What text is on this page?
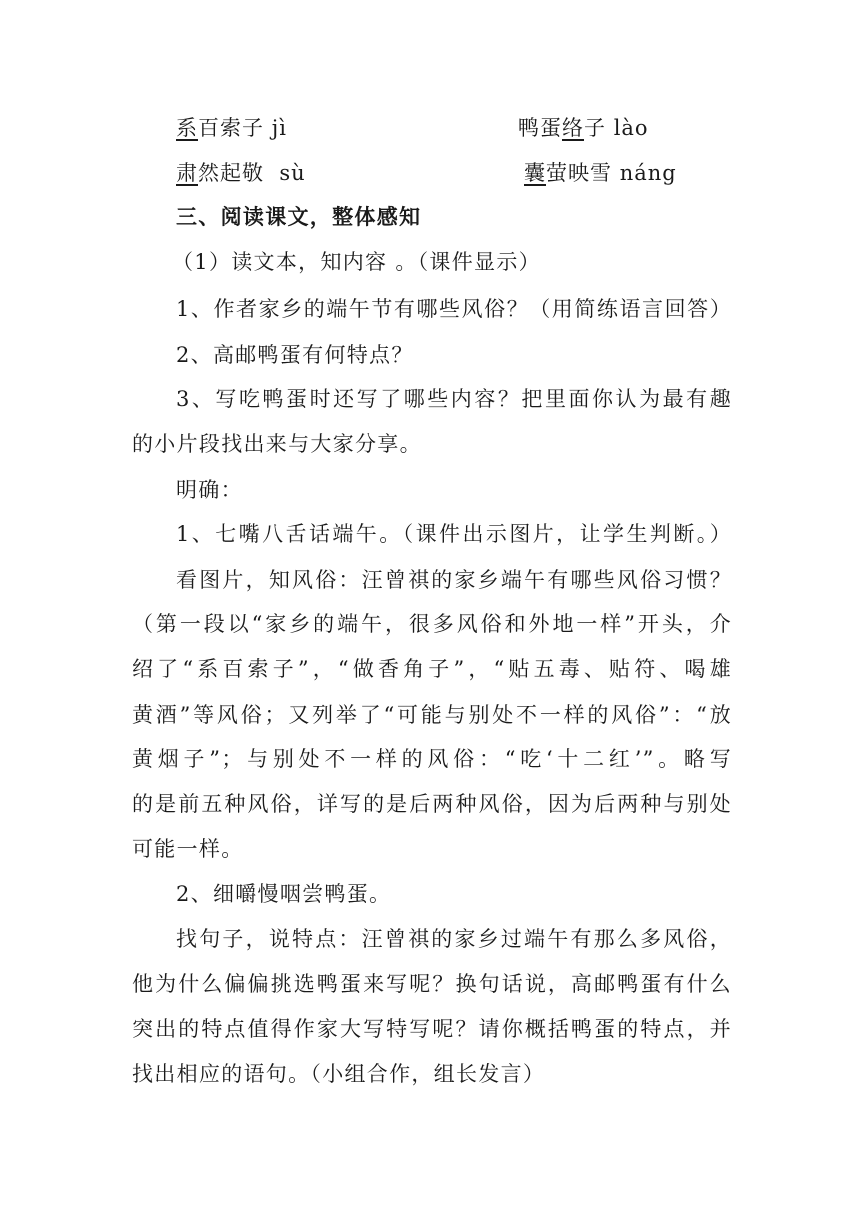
系百索子 jì	鸭蛋络子 lào
肃然起敬 sù	囊萤映雪 náng
三、阅读课文，整体感知
（1）读文本，知内容 。（课件显示）
1、作者家乡的端午节有哪些风俗？（用简练语言回答）
2、高邮鸭蛋有何特点？
3、写吃鸭蛋时还写了哪些内容？把里面你认为最有趣
的小片段找出来与大家分享。
明确：
1、七嘴八舌话端午。（课件出示图片，让学生判断。）
看图片，知风俗：汪曾祺的家乡端午有哪些风俗习惯？
（第一段以“家乡的端午，很多风俗和外地一样”开头，介
绍了“系百索子”，“做香角子”，“贴五毒、贴符、喝雄
黄酒”等风俗；又列举了“可能与别处不一样的风俗”：“放
黄烟子”；与别处不一样的风俗：“吃‘十二红’”。略写
的是前五种风俗，详写的是后两种风俗，因为后两种与别处
可能一样。
2、细嚼慢咽尝鸭蛋。
找句子，说特点：汪曾祺的家乡过端午有那么多风俗，
他为什么偏偏挑选鸭蛋来写呢？换句话说，高邮鸭蛋有什么
突出的特点值得作家大写特写呢？请你概括鸭蛋的特点，并
找出相应的语句。（小组合作，组长发言）
